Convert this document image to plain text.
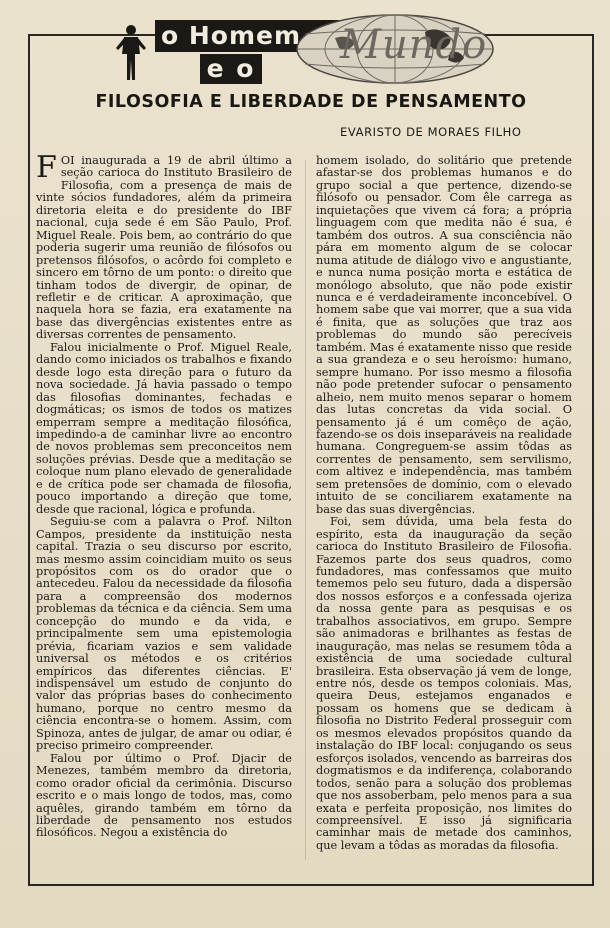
o Homem
e o
Mundo
FILOSOFIA E LIBERDADE DE PENSAMENTO
EVARISTO DE MORAES FILHO

FOI inaugurada a 19 de abril último a seção carioca do Instituto Brasileiro de Filosofia, com a presença de mais de vinte sócios fundadores, além da primeira diretoria eleita e do presidente do IBF nacional, cuja sede é em São Paulo, Prof. Miguel Reale. Pois bem, ao contrário do que poderia sugerir uma reunião de filósofos ou pretensos filósofos, o acôrdo foi completo e sincero em tôrno de um ponto: o direito que tinham todos de divergir, de opinar, de refletir e de criticar. A aproximação, que naquela hora se fazia, era exatamente na base das divergências existentes entre as diversas correntes de pensamento.

Falou inicialmente o Prof. Miguel Reale, dando como iniciados os trabalhos e fixando desde logo esta direção para o futuro da nova sociedade. Já havia passado o tempo das filosofias dominantes, fechadas e dogmáticas; os ismos de todos os matizes emperram sempre a meditação filosófica, impedindo-a de caminhar livre ao encontro de novos problemas sem preconceitos nem soluções prévias. Desde que a meditação se coloque num plano elevado de generalidade e de crítica pode ser chamada de filosofia, pouco importando a direção que tome, desde que racional, lógica e profunda.

Seguiu-se com a palavra o Prof. Nilton Campos, presidente da instituição nesta capital. Trazia o seu discurso por escrito, mas mesmo assim coincidiam muito os seus propósitos com os do orador que o antecedeu. Falou da necessidade da filosofia para a compreensão dos modernos problemas da técnica e da ciência. Sem uma concepção do mundo e da vida, e principalmente sem uma epistemologia prévia, ficariam vazios e sem validade universal os métodos e os critérios empíricos das diferentes ciências. E' indispensável um estudo de conjunto do valor das próprias bases do conhecimento humano, porque no centro mesmo da ciência encontra-se o homem. Assim, com Spinoza, antes de julgar, de amar ou odiar, é preciso primeiro compreender.

Falou por último o Prof. Djacir de Menezes, também membro da diretoria, como orador oficial da cerimônia. Discurso escrito e o mais longo de todos, mas, como aquêles, girando também em tôrno da liberdade de pensamento nos estudos filosóficos. Negou a existência do

homem isolado, do solitário que pretende afastar-se dos problemas humanos e do grupo social a que pertence, dizendo-se filósofo ou pensador. Com êle carrega as inquietações que vivem cá fora; a própria linguagem com que medita não é sua, é também dos outros. A sua consciência não pára em momento algum de se colocar numa atitude de diálogo vivo e angustiante, e nunca numa posição morta e estática de monólogo absoluto, que não pode existir nunca e é verdadeiramente inconcebível. O homem sabe que vai morrer, que a sua vida é finita, que as soluções que traz aos problemas do mundo são perecíveis também. Mas é exatamente nisso que reside a sua grandeza e o seu heroísmo: humano, sempre humano. Por isso mesmo a filosofia não pode pretender sufocar o pensamento alheio, nem muito menos separar o homem das lutas concretas da vida social. O pensamento já é um comêço de ação, fazendo-se os dois inseparáveis na realidade humana. Congreguem-se assim tôdas as correntes de pensamento, sem servilismo, com altivez e independência, mas também sem pretensões de domínio, com o elevado intuito de se conciliarem exatamente na base das suas divergências.

Foi, sem dúvida, uma bela festa do espírito, esta da inauguração da seção carioca do Instituto Brasileiro de Filosofia. Fazemos parte dos seus quadros, como fundadores, mas confessamos que muito tememos pelo seu futuro, dada a dispersão dos nossos esforços e a confessada ojeriza da nossa gente para as pesquisas e os trabalhos associativos, em grupo. Sempre são animadoras e brilhantes as festas de inauguração, mas nelas se resumem tôda a existência de uma sociedade cultural brasileira. Esta observação já vem de longe, entre nós, desde os tempos coloniais. Mas, queira Deus, estejamos enganados e possam os homens que se dedicam à filosofia no Distrito Federal prosseguir com os mesmos elevados propósitos quando da instalação do IBF local: conjugando os seus esforços isolados, vencendo as barreiras dos dogmatismos e da indiferença, colaborando todos, senão para a solução dos problemas que nos assoberbam, pelo menos para a sua exata e perfeita proposição, nos limites do compreensível. E isso já significaria caminhar mais de metade dos caminhos, que levam a tôdas as moradas da filosofia.
